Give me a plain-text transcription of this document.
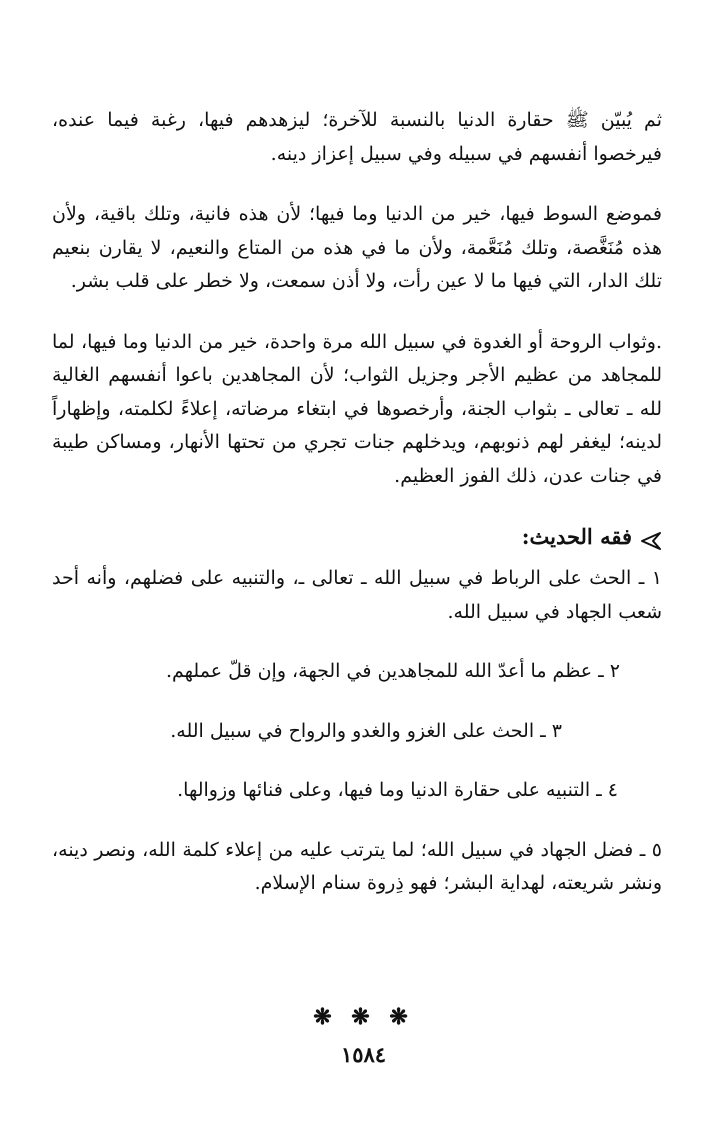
ثم يُبيّن ﷺ حقارة الدنيا بالنسبة للآخرة؛ ليزهدهم فيها، رغبة فيما عنده، فيرخصوا أنفسهم في سبيله وفي سبيل إعزاز دينه.

فموضع السوط فيها، خير من الدنيا وما فيها؛ لأن هذه فانية، وتلك باقية، ولأن هذه مُنَغَّصة، وتلك مُنَعَّمة، ولأن ما في هذه من المتاع والنعيم، لا يقارن بنعيم تلك الدار، التي فيها ما لا عين رأت، ولا أذن سمعت، ولا خطر على قلب بشر.

.وثواب الروحة أو الغدوة في سبيل الله مرة واحدة، خير من الدنيا وما فيها، لما للمجاهد من عظيم الأجر وجزيل الثواب؛ لأن المجاهدين باعوا أنفسهم الغالية لله ـ تعالى ـ بثواب الجنة، وأرخصوها في ابتغاء مرضاته، إعلاءً لكلمته، وإظهاراً لدينه؛ ليغفر لهم ذنوبهم، ويدخلهم جنات تجري من تحتها الأنهار، ومساكن طيبة في جنات عدن، ذلك الفوز العظيم.

فقه الحديث:

١ ـ الحث على الرباط في سبيل الله ـ تعالى ـ، والتنبيه على فضلهم، وأنه أحد شعب الجهاد في سبيل الله.

٢ ـ عظم ما أعدّ الله للمجاهدين في الجهة، وإن قلّ عملهم.

٣ ـ الحث على الغزو والغدو والرواح في سبيل الله.

٤ ـ التنبيه على حقارة الدنيا وما فيها، وعلى فنائها وزوالها.

٥ ـ فضل الجهاد في سبيل الله؛ لما يترتب عليه من إعلاء كلمة الله، ونصر دينه، ونشر شريعته، لهداية البشر؛ فهو ذِروة سنام الإسلام.

❋ ❋ ❋
١٥٨٤
